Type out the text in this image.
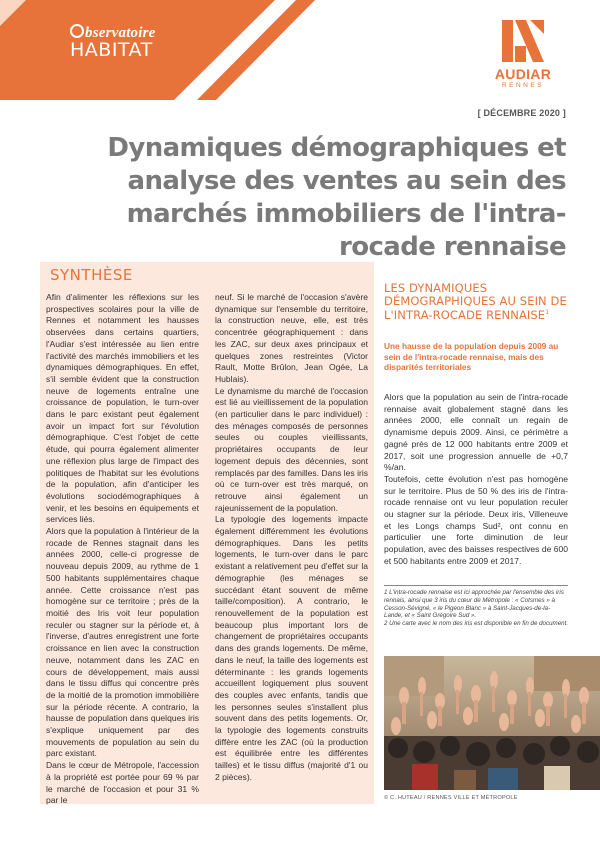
bservatoire
HABITAT
AUDIAR
RENNES
[ DÉCEMBRE 2020 ]
Dynamiques démographiques et analyse des ventes au sein des marchés immobiliers de l'intra-rocade rennaise
SYNTHÈSE

Afin d'alimenter les réflexions sur les prospectives scolaires pour la ville de Rennes et notamment les hausses observées dans certains quartiers, l'Audiar s'est intéressée au lien entre l'activité des marchés immobiliers et les dynamiques démographiques. En effet, s'il semble évident que la construction neuve de logements entraîne une croissance de population, le turn-over dans le parc existant peut également avoir un impact fort sur l'évolution démographique. C'est l'objet de cette étude, qui pourra également alimenter une réflexion plus large de l'impact des politiques de l'habitat sur les évolutions de la population, afin d'anticiper les évolutions sociodémographiques à venir, et les besoins en équipements et services liés.

Alors que la population à l'intérieur de la rocade de Rennes stagnait dans les années 2000, celle-ci progresse de nouveau depuis 2009, au rythme de 1 500 habitants supplémentaires chaque année. Cette croissance n'est pas homogène sur ce territoire ; près de la moitié des Iris voit leur population reculer ou stagner sur la période et, à l'inverse, d'autres enregistrent une forte croissance en lien avec la construction neuve, notamment dans les ZAC en cours de développement, mais aussi dans le tissu diffus qui concentre près de la moitié de la promotion immobilière sur la période récente. A contrario, la hausse de population dans quelques iris s'explique uniquement par des mouvements de population au sein du parc existant.

Dans le cœur de Métropole, l'accession à la propriété est portée pour 69 % par le marché de l'occasion et pour 31 % par le

neuf. Si le marché de l'occasion s'avère dynamique sur l'ensemble du territoire, la construction neuve, elle, est très concentrée géographiquement : dans les ZAC, sur deux axes principaux et quelques zones restreintes (Victor Rault, Motte Brûlon, Jean Ogée, La Hublais).

Le dynamisme du marché de l'occasion est lié au vieillissement de la population (en particulier dans le parc individuel) : des ménages composés de personnes seules ou couples vieillissants, propriétaires occupants de leur logement depuis des décennies, sont remplacés par des familles. Dans les iris où ce turn-over est très marqué, on retrouve ainsi également un rajeunissement de la population.

La typologie des logements impacte également différemment les évolutions démographiques. Dans les petits logements, le turn-over dans le parc existant a relativement peu d'effet sur la démographie (les ménages se succédant étant souvent de même taille/composition). A contrario, le renouvellement de la population est beaucoup plus important lors de changement de propriétaires occupants dans des grands logements. De même, dans le neuf, la taille des logements est déterminante : les grands logements accueillent logiquement plus souvent des couples avec enfants, tandis que les personnes seules s'installent plus souvent dans des petits logements. Or, la typologie des logements construits diffère entre les ZAC (où la production est équilibrée entre les différentes tailles) et le tissu diffus (majorité d'1 ou 2 pièces).

LES DYNAMIQUES DÉMOGRAPHIQUES AU SEIN DE L'INTRA-ROCADE RENNAISE$^1$
Une hausse de la population depuis 2009 au sein de l'intra-rocade rennaise, mais des disparités territoriales

Alors que la population au sein de l'intra-rocade rennaise avait globalement stagné dans les années 2000, elle connaît un regain de dynamisme depuis 2009. Ainsi, ce périmètre a gagné près de 12 000 habitants entre 2009 et 2017, soit une progression annuelle de +0,7 %/an.

Toutefois, cette évolution n'est pas homogène sur le territoire. Plus de 50 % des iris de l'intra-rocade rennaise ont vu leur population reculer ou stagner sur la période. Deux iris, Villeneuve et les Longs champs Sud², ont connu en particulier une forte diminution de leur population, avec des baisses respectives de 600 et 500 habitants entre 2009 et 2017.

1 L'intra-rocade rennaise est ici approchée par l'ensemble des iris rennais, ainsi que 3 iris du cœur de Métropole : « Cotsmes » à Cesson-Sévigné, « le Pigeon Blanc » à Saint-Jacques-de-la-Lande, et « Saint Grégoire Sud ».

2 Une carte avec le nom des iris est disponible en fin de document.

© C. HUTEAU / RENNES VILLE ET MÉTROPOLE
